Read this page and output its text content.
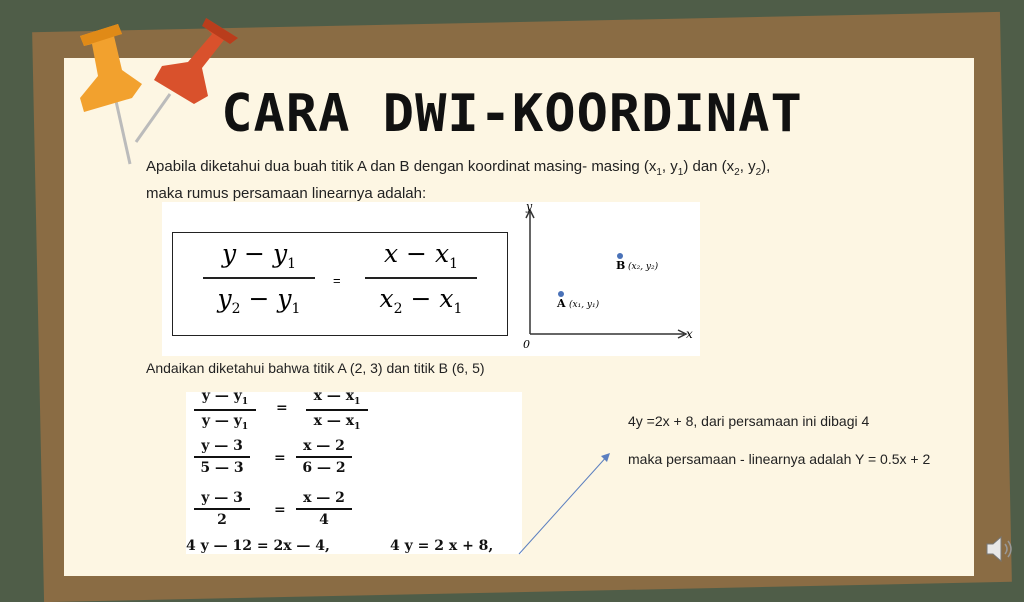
CARA DWI-KOORDINAT
Apabila diketahui dua buah titik A dan B dengan koordinat masing- masing ($x_1$, $y_1$) dan ($x_2$, $y_2$),
maka rumus persamaan linearnya adalah:
$y - y_1$
$y_2 - y_1$
=
$x - x_1$
$x_2 - x_1$
y
x
0
A (x₁, y₁)
B (x₂, y₂)
Andaikan diketahui bahwa titik A (2, 3) dan titik B (6, 5)
y — $y_1$
y — $y_1$
=
x — $x_1$
x — $x_1$
y — 3
5 — 3
=
x — 2
6 — 2
y — 3
2
=
x — 2
4
4 y — 12 = 2x — 4,	4 y = 2 x + 8,
4y =2x + 8, dari persamaan ini dibagi 4
maka persamaan - linearnya adalah Y = 0.5x + 2
